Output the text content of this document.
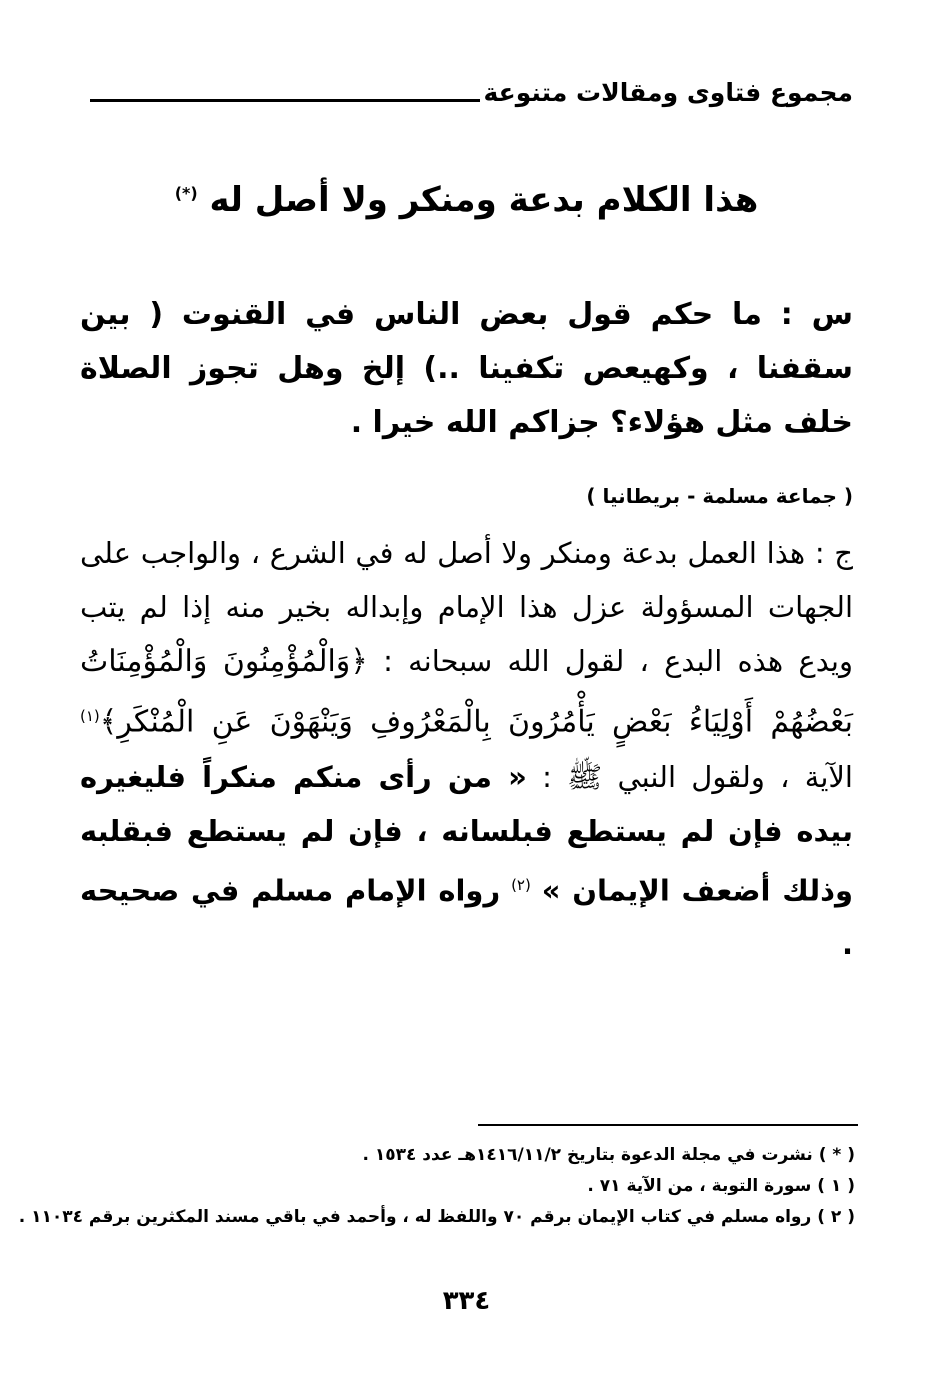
مجموع فتاوى ومقالات متنوعة
هذا الكلام بدعة ومنكر ولا أصل له (*)
س : ما حكم قول بعض الناس في القنوت ( بين سقفنا ، وكهيعص تكفينا ..) إلخ وهل تجوز الصلاة خلف مثل هؤلاء؟ جزاكم الله خيرا .
( جماعة مسلمة - بريطانيا )
ج : هذا العمل بدعة ومنكر ولا أصل له في الشرع ، والواجب على الجهات المسؤولة عزل هذا الإمام وإبداله بخير منه إذا لم يتب ويدع هذه البدع ، لقول الله سبحانه : ﴿وَالْمُؤْمِنُونَ وَالْمُؤْمِنَاتُ بَعْضُهُمْ أَوْلِيَاءُ بَعْضٍ يَأْمُرُونَ بِالْمَعْرُوفِ وَيَنْهَوْنَ عَنِ الْمُنْكَرِ﴾$^{(١)}$ الآية ، ولقول النبي ﷺ : « من رأى منكم منكراً فليغيره بيده فإن لم يستطع فبلسانه ، فإن لم يستطع فبقلبه وذلك أضعف الإيمان » $^{(٢)}$ رواه الإمام مسلم في صحيحه .
( * ) نشرت في مجلة الدعوة بتاريخ ١٤١٦/١١/٢هـ عدد ١٥٣٤ .
( ١ ) سورة التوبة ، من الآية ٧١ .
( ٢ ) رواه مسلم في كتاب الإيمان برقم ٧٠ واللفظ له ، وأحمد في باقي مسند المكثرين برقم ١١٠٣٤ .
٣٣٤
